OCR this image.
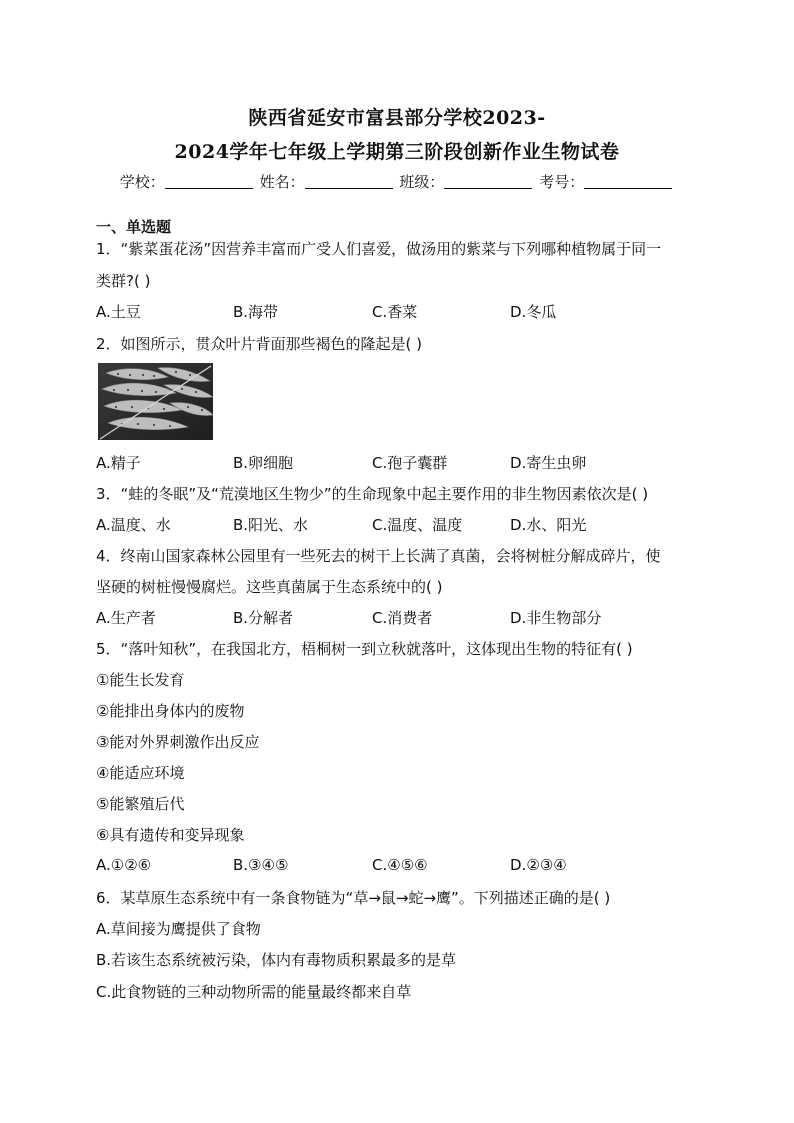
陕西省延安市富县部分学校2023-
2024学年七年级上学期第三阶段创新作业生物试卷
学校：	姓名：	班级：	考号：
一、单选题
1．“紫菜蛋花汤”因营养丰富而广受人们喜爱，做汤用的紫菜与下列哪种植物属于同一
类群?( )
A.土豆	B.海带	C.香菜	D.冬瓜
2．如图所示，贯众叶片背面那些褐色的隆起是( )
A.精子	B.卵细胞	C.孢子囊群	D.寄生虫卵
3．“蛙的冬眠”及“荒漠地区生物少”的生命现象中起主要作用的非生物因素依次是( )
A.温度、水	B.阳光、水	C.温度、温度	D.水、阳光
4．终南山国家森林公园里有一些死去的树干上长满了真菌，会将树桩分解成碎片，使
坚硬的树桩慢慢腐烂。这些真菌属于生态系统中的( )
A.生产者	B.分解者	C.消费者	D.非生物部分
5．“落叶知秋”，在我国北方，梧桐树一到立秋就落叶，这体现出生物的特征有( )
①能生长发育
②能排出身体内的废物
③能对外界刺激作出反应
④能适应环境
⑤能繁殖后代
⑥具有遗传和变异现象
A.①②⑥	B.③④⑤	C.④⑤⑥	D.②③④
6．某草原生态系统中有一条食物链为“草→鼠→蛇→鹰”。下列描述正确的是( )
A.草间接为鹰提供了食物
B.若该生态系统被污染，体内有毒物质积累最多的是草
C.此食物链的三种动物所需的能量最终都来自草
